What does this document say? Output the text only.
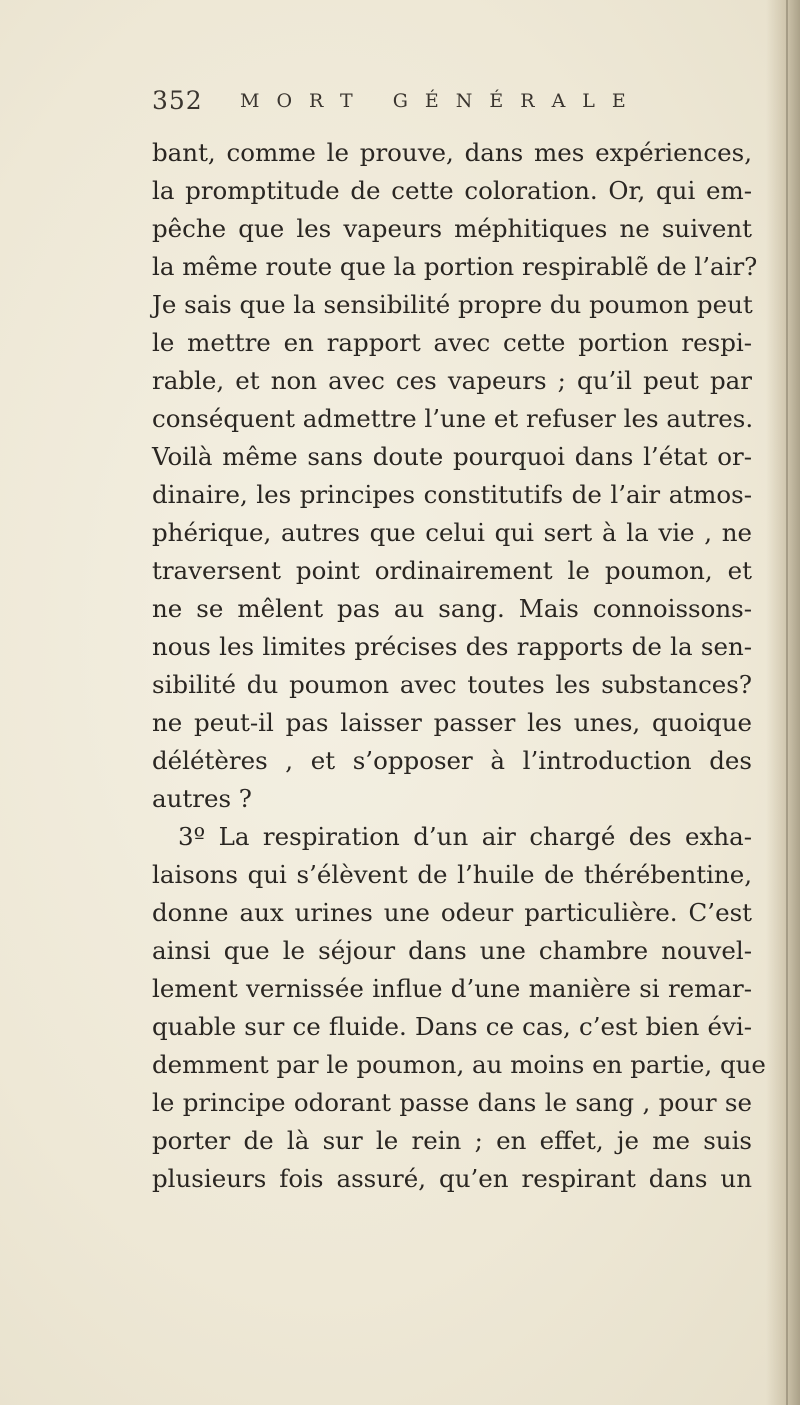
352 MORT GÉNÉRALE
bant, comme le prouve, dans mes expériences,
la promptitude de cette coloration. Or, qui em-
pêche que les vapeurs méphitiques ne suivent
la même route que la portion respirablẽ de l’air?
Je sais que la sensibilité propre du poumon peut
le mettre en rapport avec cette portion respi-
rable, et non avec ces vapeurs ; qu’il peut par
conséquent admettre l’une et refuser les autres.
Voilà même sans doute pourquoi dans l’état or-
dinaire, les principes constitutifs de l’air atmos-
phérique, autres que celui qui sert à la vie , ne
traversent point ordinairement le poumon, et
ne se mêlent pas au sang. Mais connoissons-
nous les limites précises des rapports de la sen-
sibilité du poumon avec toutes les substances?
ne peut-il pas laisser passer les unes, quoique
délétères , et s’opposer à l’introduction des
autres ?
3º La respiration d’un air chargé des exha-
laisons qui s’élèvent de l’huile de thérébentine,
donne aux urines une odeur particulière. C’est
ainsi que le séjour dans une chambre nouvel-
lement vernissée influe d’une manière si remar-
quable sur ce fluide. Dans ce cas, c’est bien évi-
demment par le poumon, au moins en partie, que
le principe odorant passe dans le sang , pour se
porter de là sur le rein ; en effet, je me suis
plusieurs fois assuré, qu’en respirant dans un
